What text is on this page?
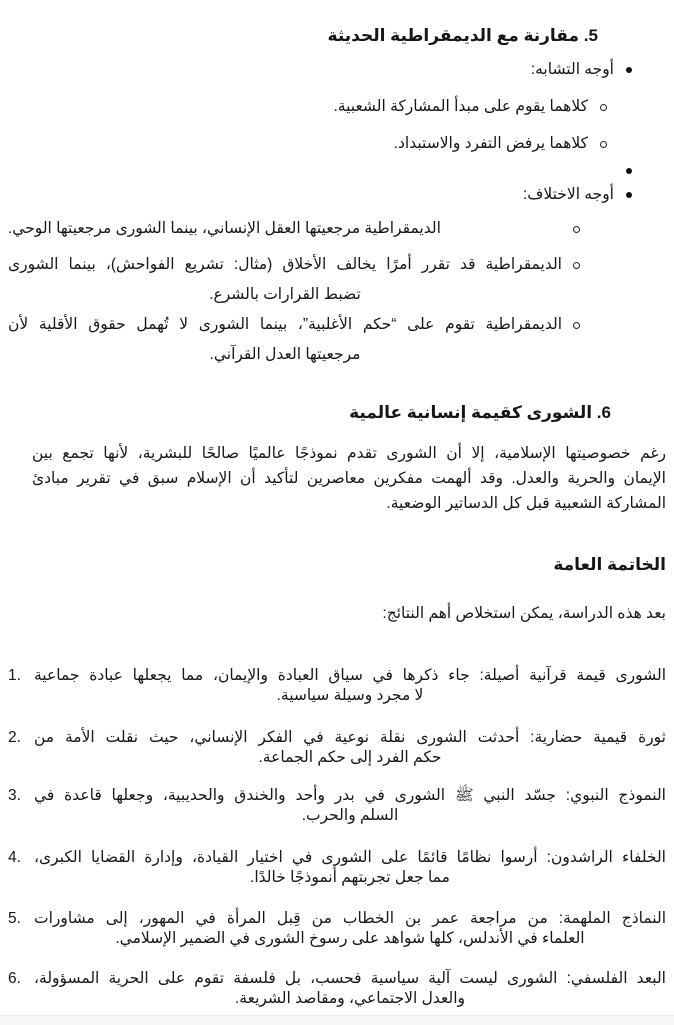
5. مقارنة مع الديمقراطية الحديثة
أوجه التشابه:
كلاهما يقوم على مبدأ المشاركة الشعبية.
كلاهما يرفض التفرد والاستبداد.
أوجه الاختلاف:
الديمقراطية مرجعيتها العقل الإنساني، بينما الشورى مرجعيتها الوحي.
الديمقراطية قد تقرر أمرًا يخالف الأخلاق (مثال: تشريع الفواحش)، بينما الشورى
تضبط القرارات بالشرع.
الديمقراطية تقوم على “حكم الأغلبية”، بينما الشورى لا تُهمل حقوق الأقلية لأن
مرجعيتها العدل القرآني.
6. الشورى كقيمة إنسانية عالمية
رغم خصوصيتها الإسلامية، إلا أن الشورى تقدم نموذجًا عالميًا صالحًا للبشرية، لأنها تجمع بين
الإيمان والحرية والعدل. وقد ألهمت مفكرين معاصرين لتأكيد أن الإسلام سبق في تقرير مبادئ
المشاركة الشعبية قبل كل الدساتير الوضعية.
الخاتمة العامة
بعد هذه الدراسة، يمكن استخلاص أهم النتائج:
1. الشورى قيمة قرآنية أصيلة: جاء ذكرها في سياق العبادة والإيمان، مما يجعلها عبادة جماعية
لا مجرد وسيلة سياسية.
2. ثورة قيمية حضارية: أحدثت الشورى نقلة نوعية في الفكر الإنساني، حيث نقلت الأمة من
حكم الفرد إلى حكم الجماعة.
3. النموذج النبوي: جسّد النبي ﷺ الشورى في بدر وأحد والخندق والحديبية، وجعلها قاعدة في
السلم والحرب.
4. الخلفاء الراشدون: أرسوا نظامًا قائمًا على الشورى في اختيار القيادة، وإدارة القضايا الكبرى،
مما جعل تجربتهم أنموذجًا خالدًا.
5. النماذج الملهمة: من مراجعة عمر بن الخطاب من قِبل المرأة في المهور، إلى مشاورات
العلماء في الأندلس، كلها شواهد على رسوخ الشورى في الضمير الإسلامي.
6. البعد الفلسفي: الشورى ليست آلية سياسية فحسب، بل فلسفة تقوم على الحرية المسؤولة،
والعدل الاجتماعي، ومقاصد الشريعة.
